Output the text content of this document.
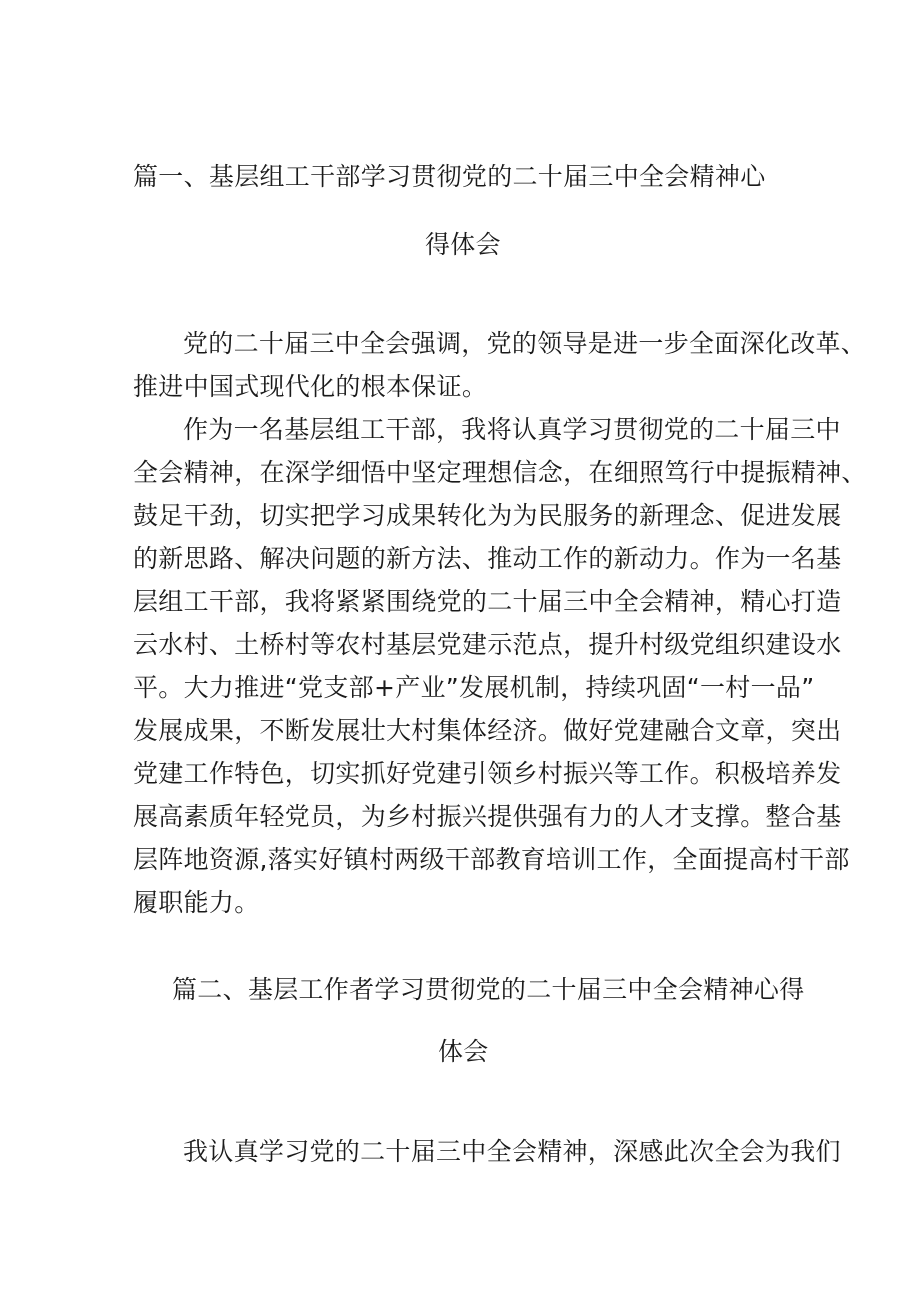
篇一、基层组工干部学习贯彻党的二十届三中全会精神心
得体会
党的二十届三中全会强调，党的领导是进一步全面深化改革、
推进中国式现代化的根本保证。
作为一名基层组工干部，我将认真学习贯彻党的二十届三中
全会精神，在深学细悟中坚定理想信念，在细照笃行中提振精神、
鼓足干劲，切实把学习成果转化为为民服务的新理念、促进发展
的新思路、解决问题的新方法、推动工作的新动力。作为一名基
层组工干部，我将紧紧围绕党的二十届三中全会精神，精心打造
云水村、土桥村等农村基层党建示范点，提升村级党组织建设水
平。大力推进“党支部+产业”发展机制，持续巩固“一村一品”
发展成果，不断发展壮大村集体经济。做好党建融合文章，突出
党建工作特色，切实抓好党建引领乡村振兴等工作。积极培养发
展高素质年轻党员，为乡村振兴提供强有力的人才支撑。整合基
层阵地资源,落实好镇村两级干部教育培训工作，全面提高村干部
履职能力。
篇二、基层工作者学习贯彻党的二十届三中全会精神心得
体会
我认真学习党的二十届三中全会精神，深感此次全会为我们
